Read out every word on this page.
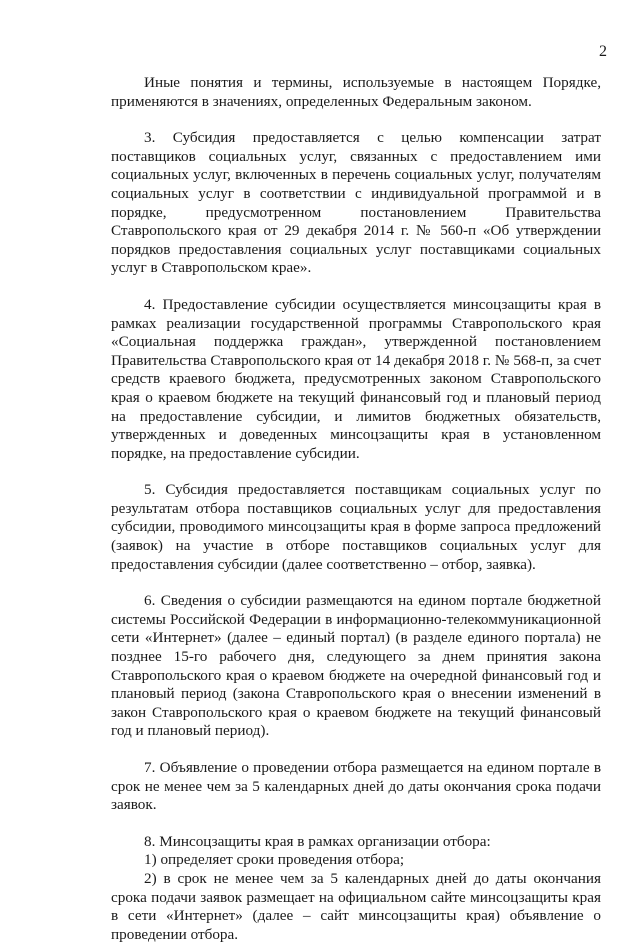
2

Иные понятия и термины, используемые в настоящем Порядке, применяются в значениях, определенных Федеральным законом.

3. Субсидия предоставляется с целью компенсации затрат поставщиков социальных услуг, связанных с предоставлением ими социальных услуг, включенных в перечень социальных услуг, получателям социальных услуг в соответствии с индивидуальной программой и в порядке, предусмотренном постановлением Правительства Ставропольского края от 29 декабря 2014 г. № 560-п «Об утверждении порядков предоставления социальных услуг поставщиками социальных услуг в Ставропольском крае».

4. Предоставление субсидии осуществляется минсоцзащиты края в рамках реализации государственной программы Ставропольского края «Социальная поддержка граждан», утвержденной постановлением Правительства Ставропольского края от 14 декабря 2018 г. № 568-п, за счет средств краевого бюджета, предусмотренных законом Ставропольского края о краевом бюджете на текущий финансовый год и плановый период на предоставление субсидии, и лимитов бюджетных обязательств, утвержденных и доведенных минсоцзащиты края в установленном порядке, на предоставление субсидии.

5. Субсидия предоставляется поставщикам социальных услуг по результатам отбора поставщиков социальных услуг для предоставления субсидии, проводимого минсоцзащиты края в форме запроса предложений (заявок) на участие в отборе поставщиков социальных услуг для предоставления субсидии (далее соответственно – отбор, заявка).

6. Сведения о субсидии размещаются на едином портале бюджетной системы Российской Федерации в информационно-телекоммуникационной сети «Интернет» (далее – единый портал) (в разделе единого портала) не позднее 15-го рабочего дня, следующего за днем принятия закона Ставропольского края о краевом бюджете на очередной финансовый год и плановый период (закона Ставропольского края о внесении изменений в закон Ставропольского края о краевом бюджете на текущий финансовый год и плановый период).

7. Объявление о проведении отбора размещается на едином портале в срок не менее чем за 5 календарных дней до даты окончания срока подачи заявок.

8. Минсоцзащиты края в рамках организации отбора:

1) определяет сроки проведения отбора;

2) в срок не менее чем за 5 календарных дней до даты окончания срока подачи заявок размещает на официальном сайте минсоцзащиты края в сети «Интернет» (далее – сайт минсоцзащиты края) объявление о проведении отбора.
